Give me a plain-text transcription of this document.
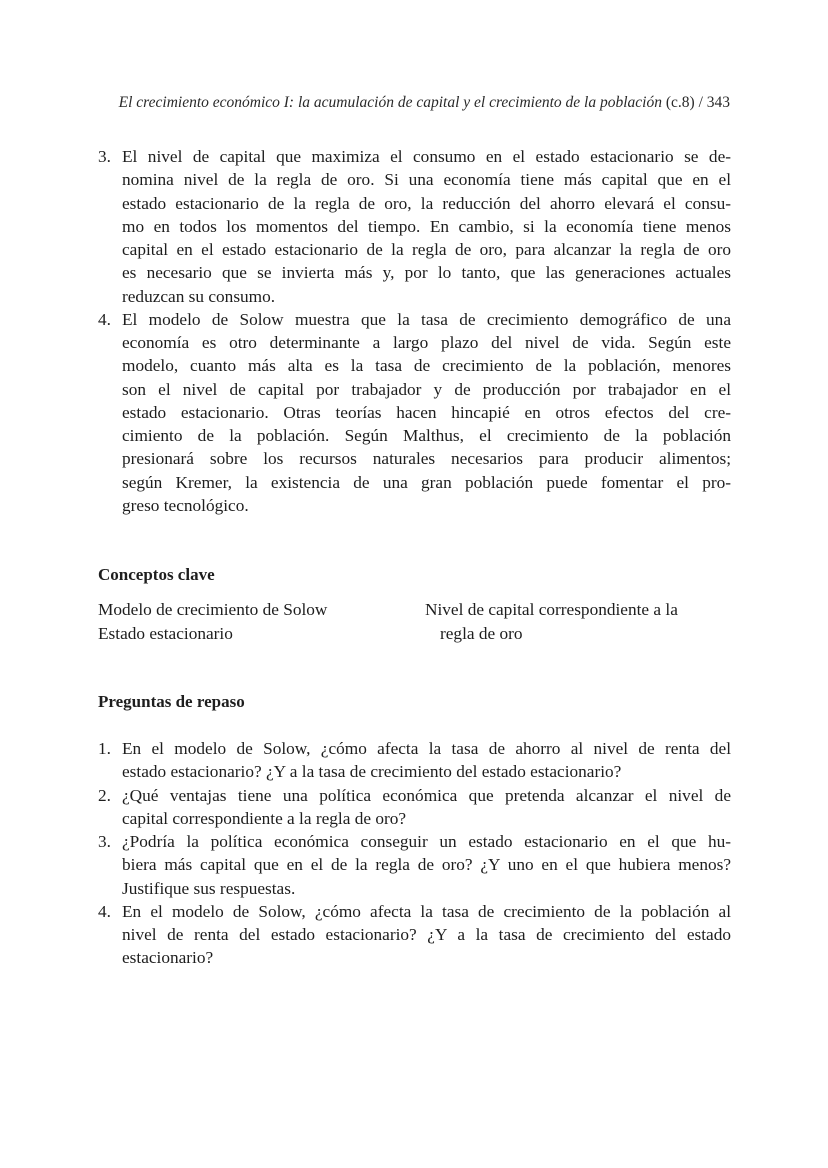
El crecimiento económico I: la acumulación de capital y el crecimiento de la población (c.8) / 343
3. El nivel de capital que maximiza el consumo en el estado estacionario se de-
nomina nivel de la regla de oro. Si una economía tiene más capital que en el
estado estacionario de la regla de oro, la reducción del ahorro elevará el consu-
mo en todos los momentos del tiempo. En cambio, si la economía tiene menos
capital en el estado estacionario de la regla de oro, para alcanzar la regla de oro
es necesario que se invierta más y, por lo tanto, que las generaciones actuales
reduzcan su consumo.
4. El modelo de Solow muestra que la tasa de crecimiento demográfico de una
economía es otro determinante a largo plazo del nivel de vida. Según este
modelo, cuanto más alta es la tasa de crecimiento de la población, menores
son el nivel de capital por trabajador y de producción por trabajador en el
estado estacionario. Otras teorías hacen hincapié en otros efectos del cre-
cimiento de la población. Según Malthus, el crecimiento de la población
presionará sobre los recursos naturales necesarios para producir alimentos;
según Kremer, la existencia de una gran población puede fomentar el pro-
greso tecnológico.
Conceptos clave
Modelo de crecimiento de Solow
Estado estacionario
Nivel de capital correspondiente a la
regla de oro
Preguntas de repaso
1. En el modelo de Solow, ¿cómo afecta la tasa de ahorro al nivel de renta del
estado estacionario? ¿Y a la tasa de crecimiento del estado estacionario?
2. ¿Qué ventajas tiene una política económica que pretenda alcanzar el nivel de
capital correspondiente a la regla de oro?
3. ¿Podría la política económica conseguir un estado estacionario en el que hu-
biera más capital que en el de la regla de oro? ¿Y uno en el que hubiera menos?
Justifique sus respuestas.
4. En el modelo de Solow, ¿cómo afecta la tasa de crecimiento de la población al
nivel de renta del estado estacionario? ¿Y a la tasa de crecimiento del estado
estacionario?
